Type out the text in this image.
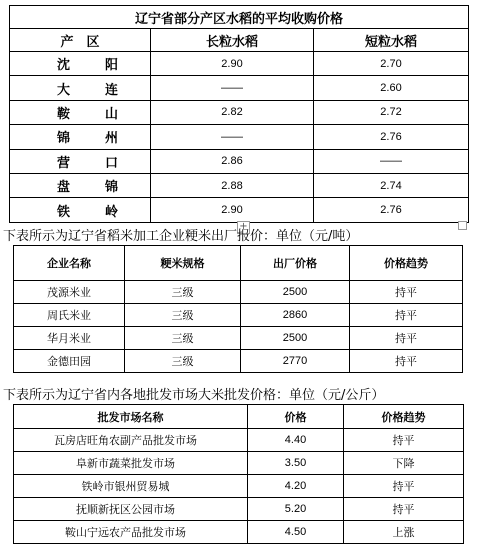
辽宁省部分产区水稻的平均收购价格		
产　区	长粒水稻	短粒水稻
沈 阳	2.90	2.70
大 连	——	2.60
鞍 山	2.82	2.72
锦 州	——	2.76
营 口	2.86	——
盘 锦	2.88	2.74
铁 岭	2.90	2.76
+
下表所示为辽宁省稻米加工企业粳米出厂报价：单位（元/吨）
企业名称	粳米规格	出厂价格	价格趋势
茂源米业	三级	2500	持平
周氏米业	三级	2860	持平
华月米业	三级	2500	持平
金德田园	三级	2770	持平
下表所示为辽宁省内各地批发市场大米批发价格：单位（元/公斤）
批发市场名称	价格	价格趋势
瓦房店旺角农副产品批发市场	4.40	持平
阜新市蔬菜批发市场	3.50	下降
铁岭市银州贸易城	4.20	持平
抚顺新抚区公园市场	5.20	持平
鞍山宁远农产品批发市场	4.50	上涨
